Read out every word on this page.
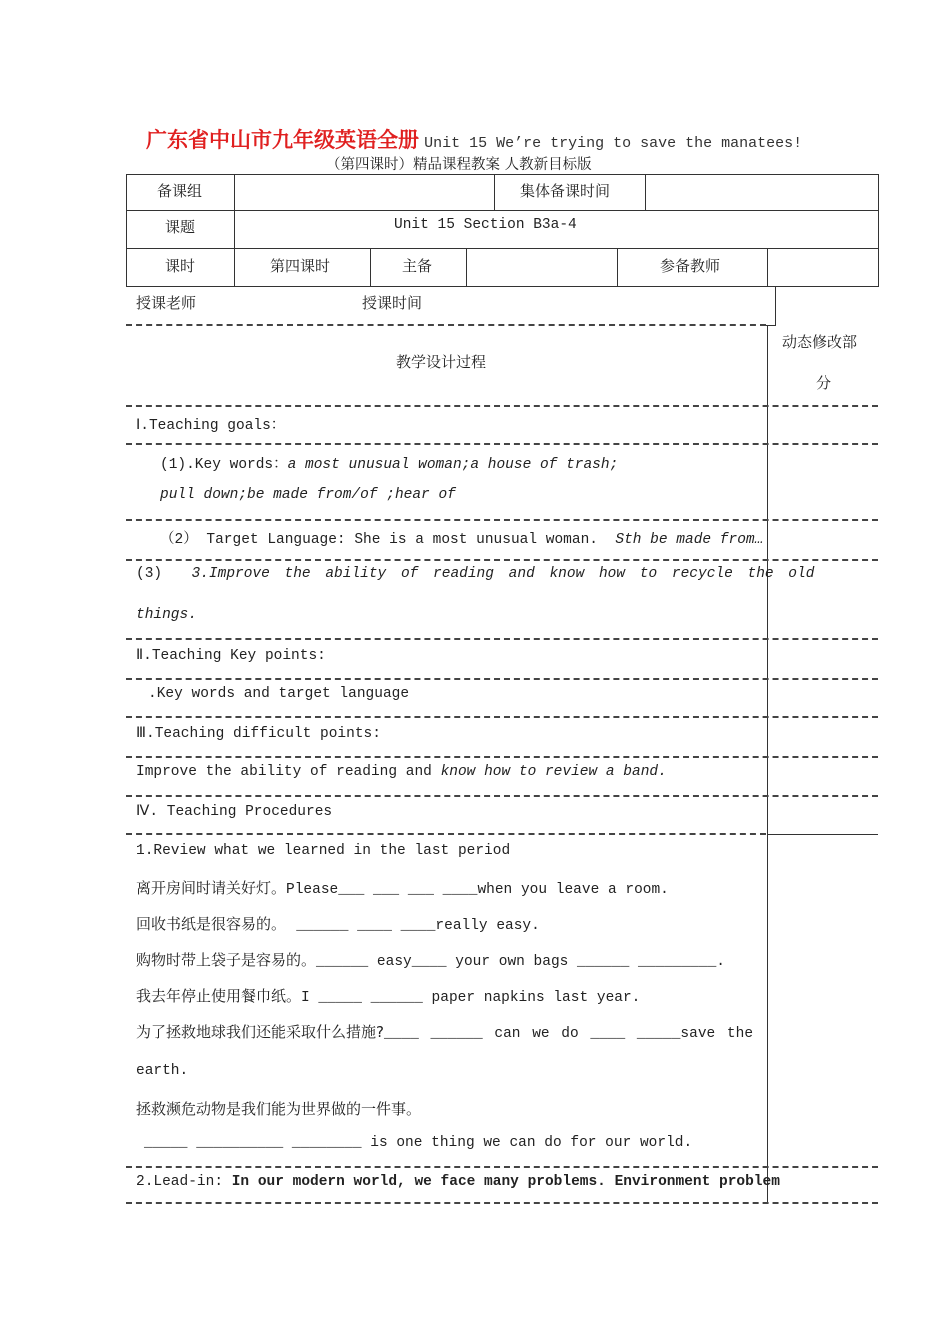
广东省中山市九年级英语全册 Unit 15 We’re trying to save the manatees!
（第四课时）精品课程教案 人教新目标版
备课组	集体备课时间
课题	Unit 15 Section B3a-4
课时	第四课时	主备	参备教师
授课老师	授课时间
教学设计过程
动态修改部
分
Ⅰ.Teaching goals：
(1).Key words：a most unusual woman;a house of trash;
pull down;be made from/of ;hear of
（2） Target Language: She is a most unusual woman. Sth be made from…
(3) 3.Improve the ability of reading and know how to recycle the old
things.
Ⅱ.Teaching Key points:
.Key words and target language
Ⅲ.Teaching difficult points:
Improve the ability of reading and know how to review a band.
Ⅳ. Teaching Procedures
1.Review what we learned in the last period
离开房间时请关好灯。Please___ ___ ___ ____when you leave a room.
回收书纸是很容易的。 ______ ____ ____really easy.
购物时带上袋子是容易的。______ easy____ your own bags ______ _________.
我去年停止使用餐巾纸。I _____ ______ paper napkins last year.
为了拯救地球我们还能采取什么措施?____ ______ can we do ____ _____save the
earth.
拯救濒危动物是我们能为世界做的一件事。
_____ __________ ________ is one thing we can do for our world.
2.Lead-in: In our modern world, we face many problems. Environment problem
